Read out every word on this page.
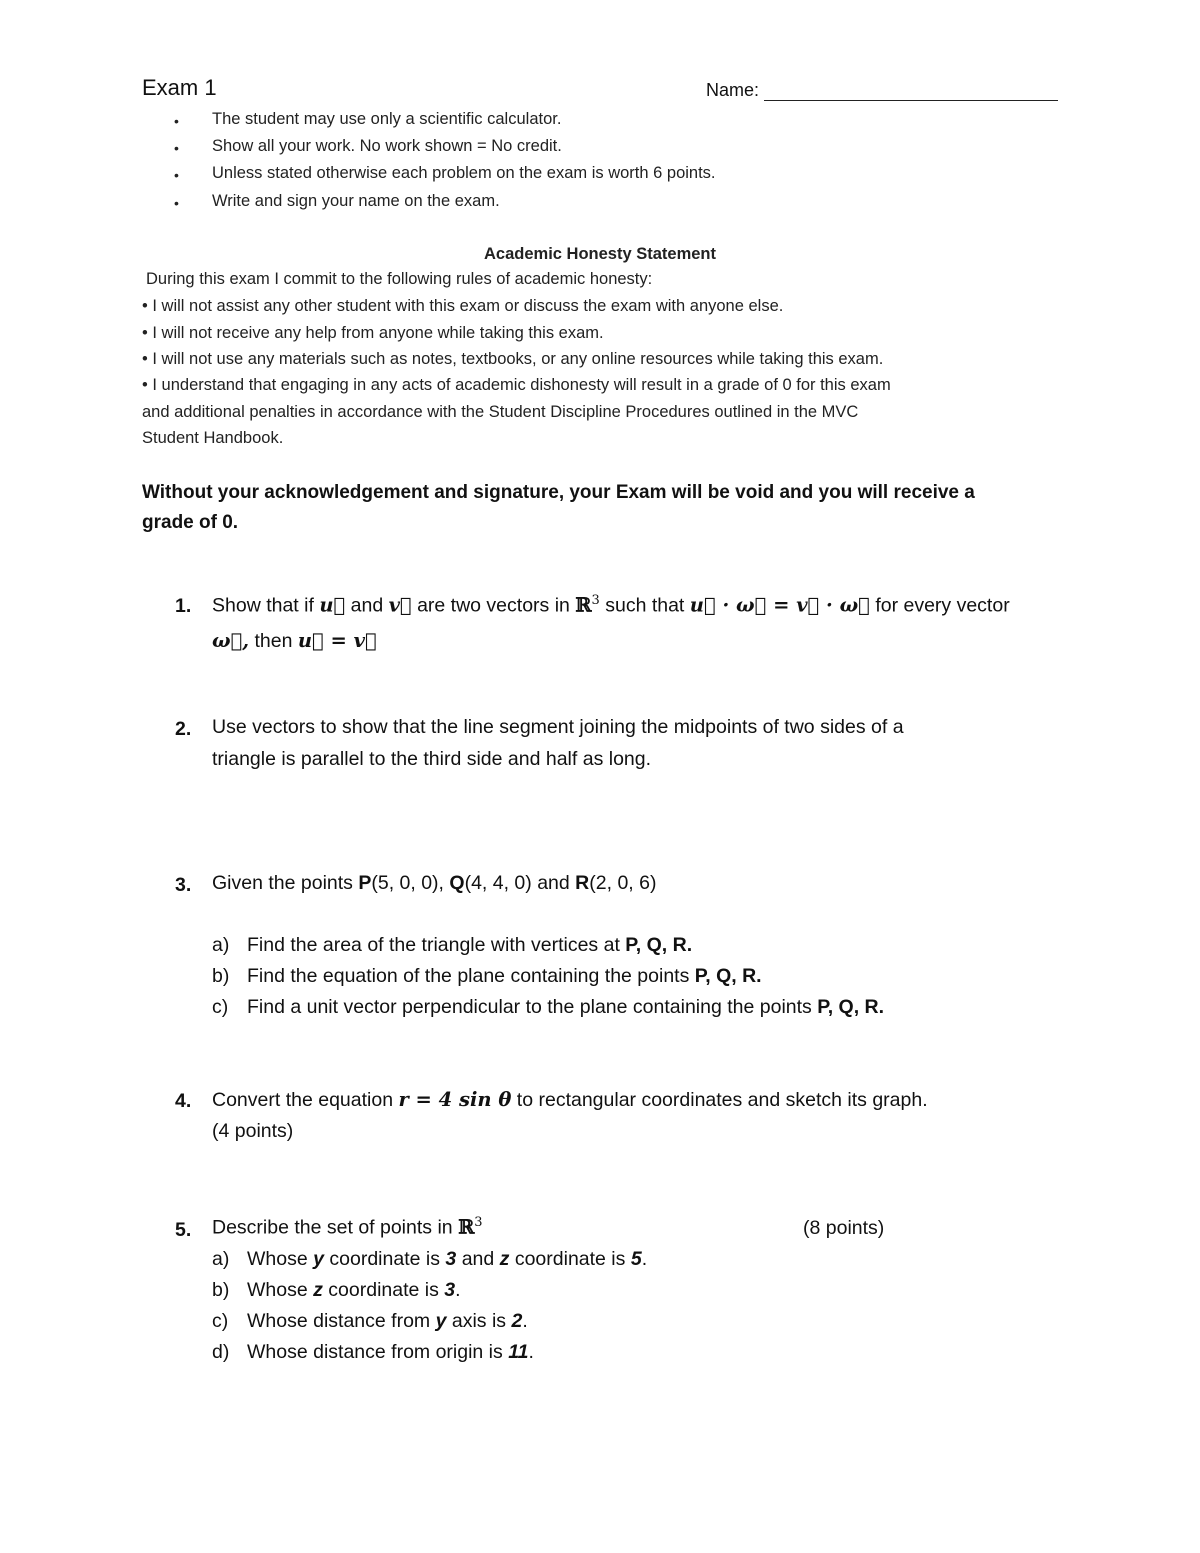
Exam 1	Name:
• The student may use only a scientific calculator.
• Show all your work. No work shown = No credit.
• Unless stated otherwise each problem on the exam is worth 6 points.
• Write and sign your name on the exam.
Academic Honesty Statement
During this exam I commit to the following rules of academic honesty:
• I will not assist any other student with this exam or discuss the exam with anyone else.
• I will not receive any help from anyone while taking this exam.
• I will not use any materials such as notes, textbooks, or any online resources while taking this exam.
• I understand that engaging in any acts of academic dishonesty will result in a grade of 0 for this exam
and additional penalties in accordance with the Student Discipline Procedures outlined in the MVC
Student Handbook.
Without your acknowledgement and signature, your Exam will be void and you will receive a
grade of 0.
1. Show that if u⃗ and v⃗ are two vectors in ℝ$^3$ such that u⃗ · ω⃗ = v⃗ · ω⃗ for every vector
ω⃗, then u⃗ = v⃗
2. Use vectors to show that the line segment joining the midpoints of two sides of a
triangle is parallel to the third side and half as long.
3. Given the points P(5, 0, 0), Q(4, 4, 0) and R(2, 0, 6)
a) Find the area of the triangle with vertices at P, Q, R.
b) Find the equation of the plane containing the points P, Q, R.
c) Find a unit vector perpendicular to the plane containing the points P, Q, R.
4. Convert the equation r = 4 sin θ to rectangular coordinates and sketch its graph.
(4 points)
5. Describe the set of points in ℝ$^3$	(8 points)
a) Whose y coordinate is 3 and z coordinate is 5.
b) Whose z coordinate is 3.
c) Whose distance from y axis is 2.
d) Whose distance from origin is 11.
